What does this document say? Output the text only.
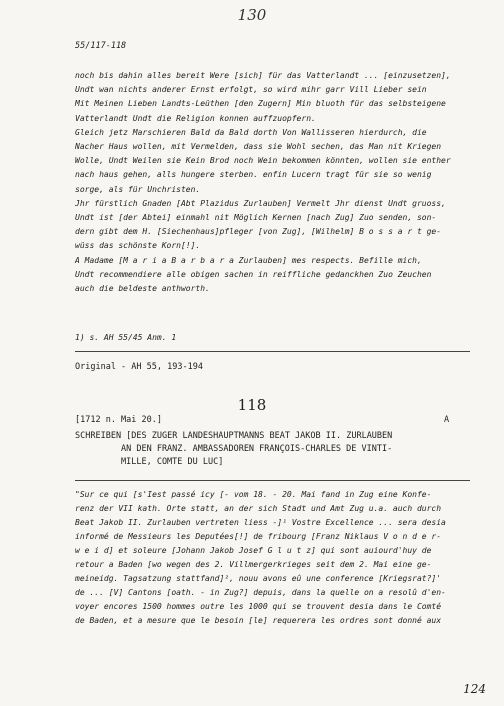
130
55/117-118
noch bis dahin alles bereit Were [sich] für das Vatterlandt ... [einzusetzen],
Undt wan nichts anderer Ernst erfolgt, so wird mihr garr Vill Lieber sein
Mit Meinen Lieben Landts-Leüthen [den Zugern] Min bluoth für das selbsteigene
Vatterlandt Undt die Religion konnen auffzuopfern.
Gleich jetz Marschieren Bald da Bald dorth Von Wallisseren hierdurch, die
Nacher Haus wollen, mit Vermelden, dass sie Wohl sechen, das Man nit Kriegen
Wolle, Undt Weilen sie Kein Brod noch Wein bekommen könnten, wollen sie enther
nach haus gehen, alls hungere sterben. enfin Lucern tragt für sie so wenig
sorge, als für Unchristen.
Jhr fürstlich Gnaden [Abt Plazidus Zurlauben] Vermelt Jhr dienst Undt gruoss,
Undt ist [der Abtei] einmahl nit Möglich Kernen [nach Zug] Zuo senden, son-
dern gibt dem H. [Siechenhaus]pfleger [von Zug], [Wilhelm] B o s s a r t ge-
wüss das schönste Korn[!].
A Madame [M a r i a B a r b a r a Zurlauben] mes respects. Befille mich,
Undt recommendiere alle obigen sachen in reiffliche gedanckhen Zuo Zeuchen
auch die beldeste anthworth.
1) s. AH 55/45 Anm. 1
Original - AH 55, 193-194
118
[1712 n. Mai 20.]	A
SCHREIBEN [DES ZUGER LANDESHAUPTMANNS BEAT JAKOB II. ZURLAUBEN
AN DEN FRANZ. AMBASSADOREN FRANÇOIS-CHARLES DE VINTI-
MILLE, COMTE DU LUC]
"Sur ce qui [s'Iest passé icy [- vom 18. - 20. Mai fand in Zug eine Konfe-
renz der VII kath. Orte statt, an der sich Stadt und Amt Zug u.a. auch durch
Beat Jakob II. Zurlauben vertreten liess -]¹ Vostre Excellence ... sera desia
informé de Messieurs les Deputées[!] de fribourg [Franz Niklaus V o n d e r-
w e i d] et soleure [Johann Jakob Josef G l u t z] qui sont auiourd'huy de
retour a Baden [wo wegen des 2. Villmergerkrieges seit dem 2. Mai eine ge-
meineidg. Tagsatzung stattfand]², nouu avons eû une conference [Kriegsrat?]'
de ... [V] Cantons [oath. - in Zug?] depuis, dans la quelle on a resolû d'en-
voyer encores 1500 hommes outre les 1000 qui se trouvent desia dans le Comté
de Baden, et a mesure que le besoin [le] requerera les ordres sont donné aux
124
